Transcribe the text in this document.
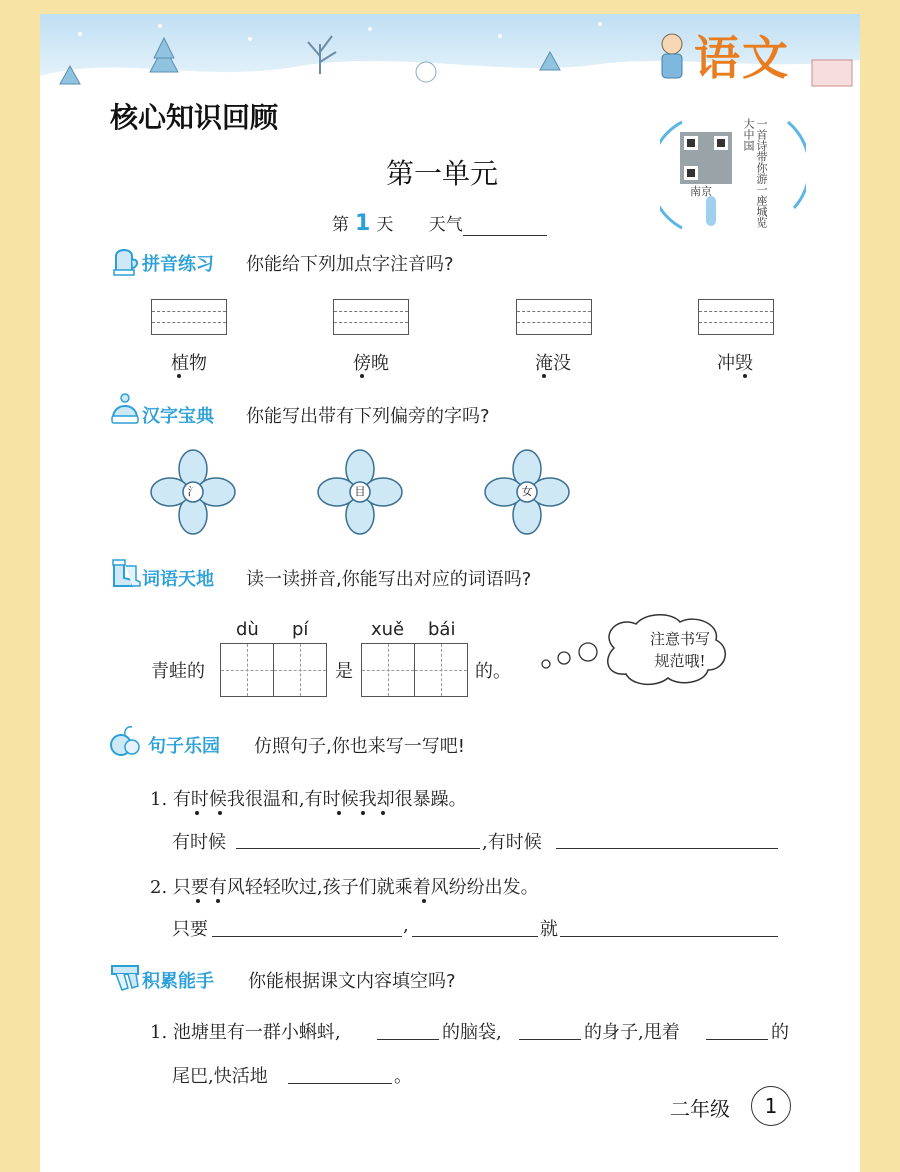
语文
核心知识回顾
第一单元
第 1 天 天气
南京	一首诗带你游一座城览大中国
拼音练习 你能给下列加点字注音吗?
植物	傍晚	淹没	冲毁
汉字宝典 你能写出带有下列偏旁的字吗?
氵	目	女
词语天地 读一读拼音,你能写出对应的词语吗?
dù pí	xuě bái
青蛙的	是	的。
注意书写
规范哦!
句子乐园 仿照句子,你也来写一写吧!
1. 有时候我很温和,有时候我却很暴躁。
有时候	,有时候
2. 只要有风轻轻吹过,孩子们就乘着风纷纷出发。
只要	,	就
积累能手 你能根据课文内容填空吗?
1. 池塘里有一群小蝌蚪,	的脑袋,	的身子,甩着	的
尾巴,快活地	。
二年级	1
